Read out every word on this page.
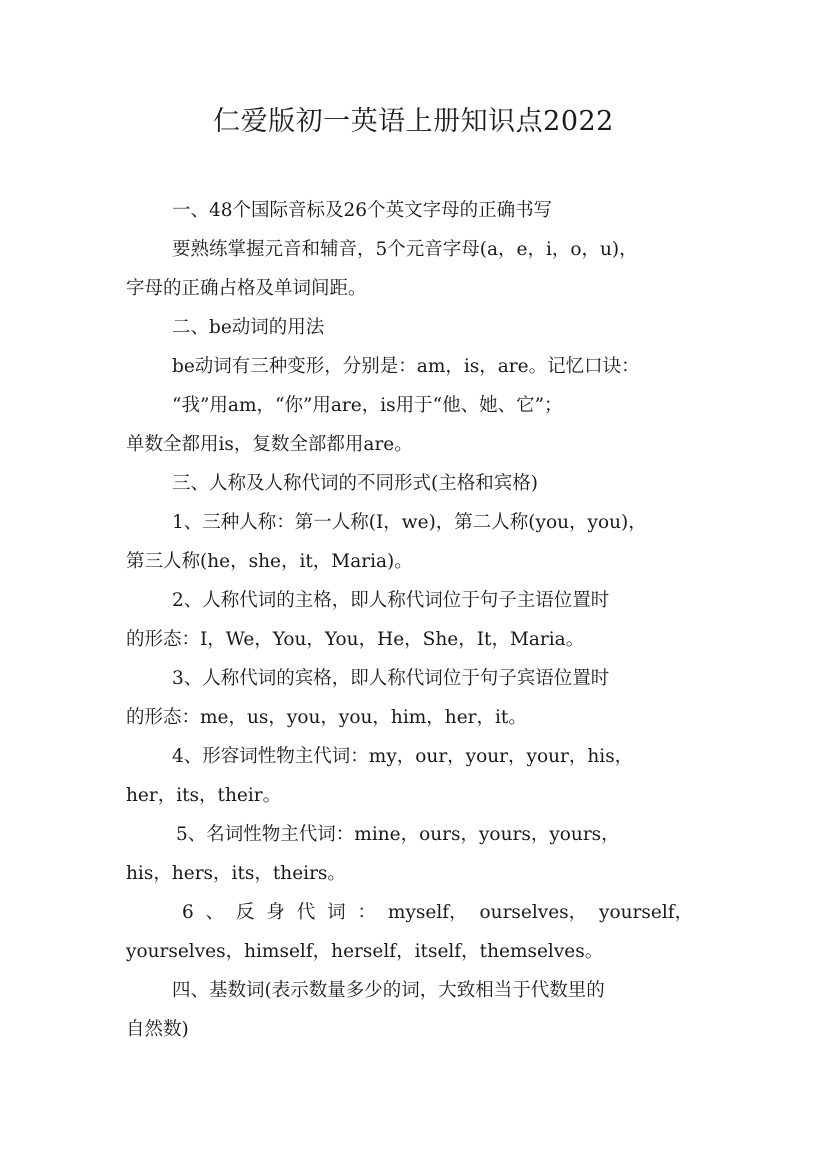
仁爱版初一英语上册知识点2022

一、48个国际音标及26个英文字母的正确书写

要熟练掌握元音和辅音，5个元音字母(a，e，i，o，u)，

字母的正确占格及单词间距。

二、be动词的用法

be动词有三种变形，分别是：am，is，are。记忆口诀：

“我”用am，“你”用are，is用于“他、她、它”；

单数全都用is，复数全部都用are。

三、人称及人称代词的不同形式(主格和宾格)

1、三种人称：第一人称(I，we)，第二人称(you，you)，

第三人称(he，she，it，Maria)。

2、人称代词的主格，即人称代词位于句子主语位置时

的形态：I，We，You，You，He，She，It，Maria。

3、人称代词的宾格，即人称代词位于句子宾语位置时

的形态：me，us，you，you，him，her，it。

4、形容词性物主代词：my，our，your，your，his，

her，its，their。

5、名词性物主代词：mine，ours，yours，yours，

his，hers，its，theirs。

6 、 反 身 代 词 ： myself， ourselves， yourself，

yourselves，himself，herself，itself，themselves。

四、基数词(表示数量多少的词，大致相当于代数里的

自然数)
